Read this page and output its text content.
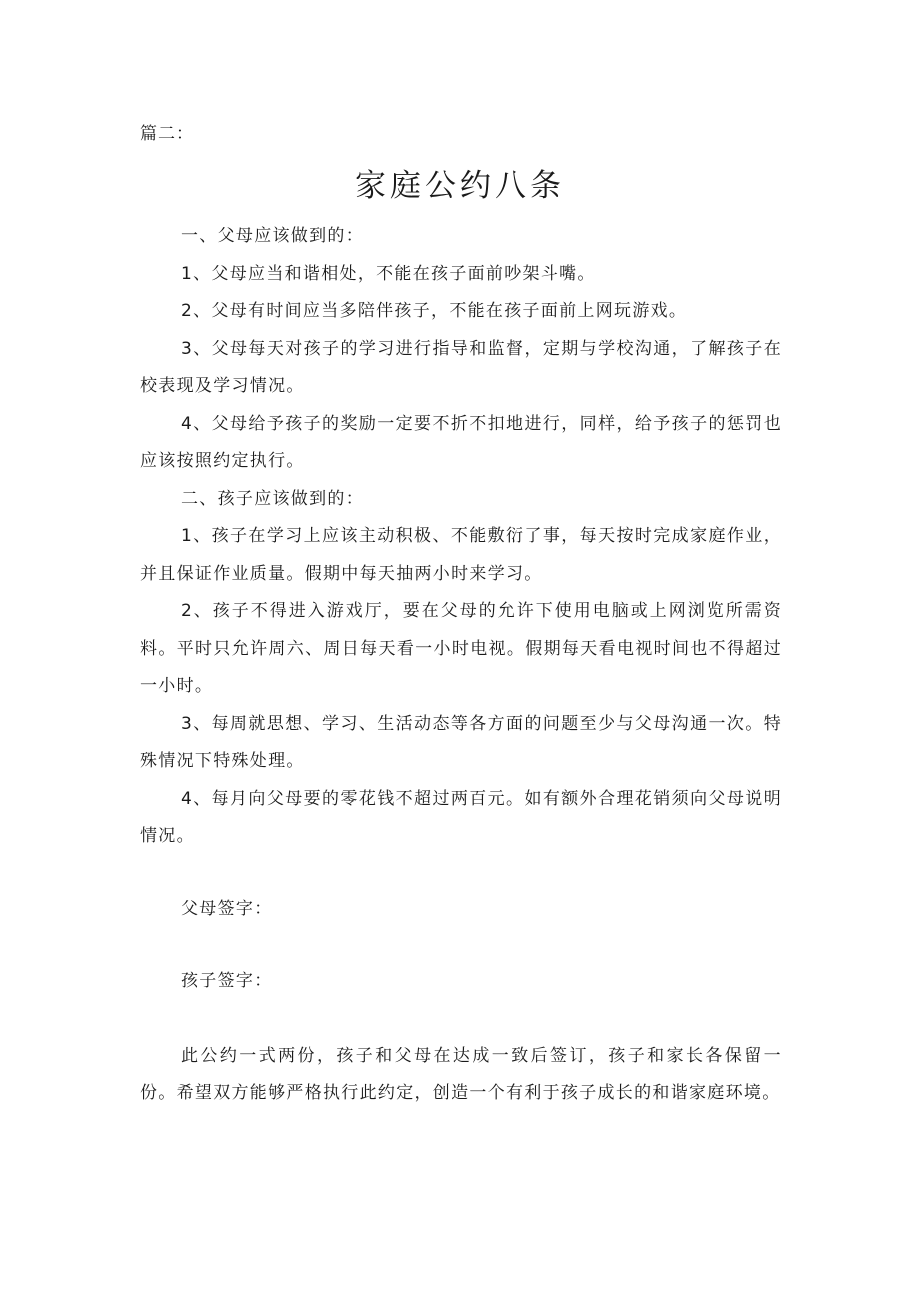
篇二：
家庭公约八条

一、父母应该做到的：

1、父母应当和谐相处，不能在孩子面前吵架斗嘴。

2、父母有时间应当多陪伴孩子，不能在孩子面前上网玩游戏。

3、父母每天对孩子的学习进行指导和监督，定期与学校沟通，了解孩子在校表现及学习情况。

4、父母给予孩子的奖励一定要不折不扣地进行，同样，给予孩子的惩罚也应该按照约定执行。

二、孩子应该做到的：

1、孩子在学习上应该主动积极、不能敷衍了事，每天按时完成家庭作业，并且保证作业质量。假期中每天抽两小时来学习。

2、孩子不得进入游戏厅，要在父母的允许下使用电脑或上网浏览所需资料。平时只允许周六、周日每天看一小时电视。假期每天看电视时间也不得超过一小时。

3、每周就思想、学习、生活动态等各方面的问题至少与父母沟通一次。特殊情况下特殊处理。

4、每月向父母要的零花钱不超过两百元。如有额外合理花销须向父母说明情况。

父母签字：

孩子签字：

此公约一式两份，孩子和父母在达成一致后签订，孩子和家长各保留一份。希望双方能够严格执行此约定，创造一个有利于孩子成长的和谐家庭环境。
